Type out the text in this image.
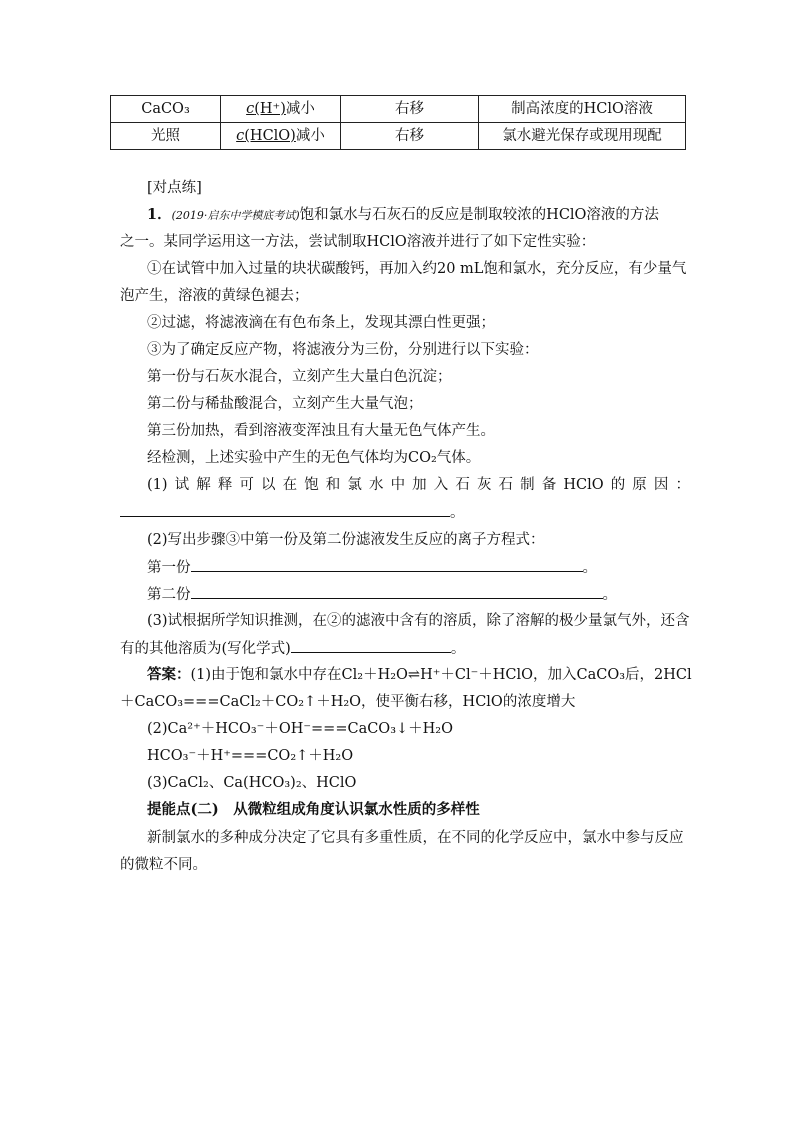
CaCO₃	c(H⁺)减小	右移	制高浓度的HClO溶液
光照	c(HClO)减小	右移	氯水避光保存或现用现配
[对点练]
1．(2019·启东中学模底考试)饱和氯水与石灰石的反应是制取较浓的HClO溶液的方法
之一。某同学运用这一方法，尝试制取HClO溶液并进行了如下定性实验：
①在试管中加入过量的块状碳酸钙，再加入约20 mL饱和氯水，充分反应，有少量气
泡产生，溶液的黄绿色褪去；
②过滤，将滤液滴在有色布条上，发现其漂白性更强；
③为了确定反应产物，将滤液分为三份，分别进行以下实验：
第一份与石灰水混合，立刻产生大量白色沉淀；
第二份与稀盐酸混合，立刻产生大量气泡；
第三份加热，看到溶液变浑浊且有大量无色气体产生。
经检测，上述实验中产生的无色气体均为CO₂气体。
(1) 试 解 释 可 以 在 饱 和 氯 水 中 加 入 石 灰 石 制 备 HClO 的 原 因 ：
。
(2)写出步骤③中第一份及第二份滤液发生反应的离子方程式：
第一份	。
第二份	。
(3)试根据所学知识推测，在②的滤液中含有的溶质，除了溶解的极少量氯气外，还含
有的其他溶质为(写化学式)	。
答案：(1)由于饱和氯水中存在Cl₂＋H₂O⇌H⁺＋Cl⁻＋HClO，加入CaCO₃后，2HCl
＋CaCO₃===CaCl₂＋CO₂↑＋H₂O，使平衡右移，HClO的浓度增大
(2)Ca²⁺＋HCO₃⁻＋OH⁻===CaCO₃↓＋H₂O
HCO₃⁻＋H⁺===CO₂↑＋H₂O
(3)CaCl₂、Ca(HCO₃)₂、HClO
提能点(二)　从微粒组成角度认识氯水性质的多样性
新制氯水的多种成分决定了它具有多重性质，在不同的化学反应中，氯水中参与反应
的微粒不同。
